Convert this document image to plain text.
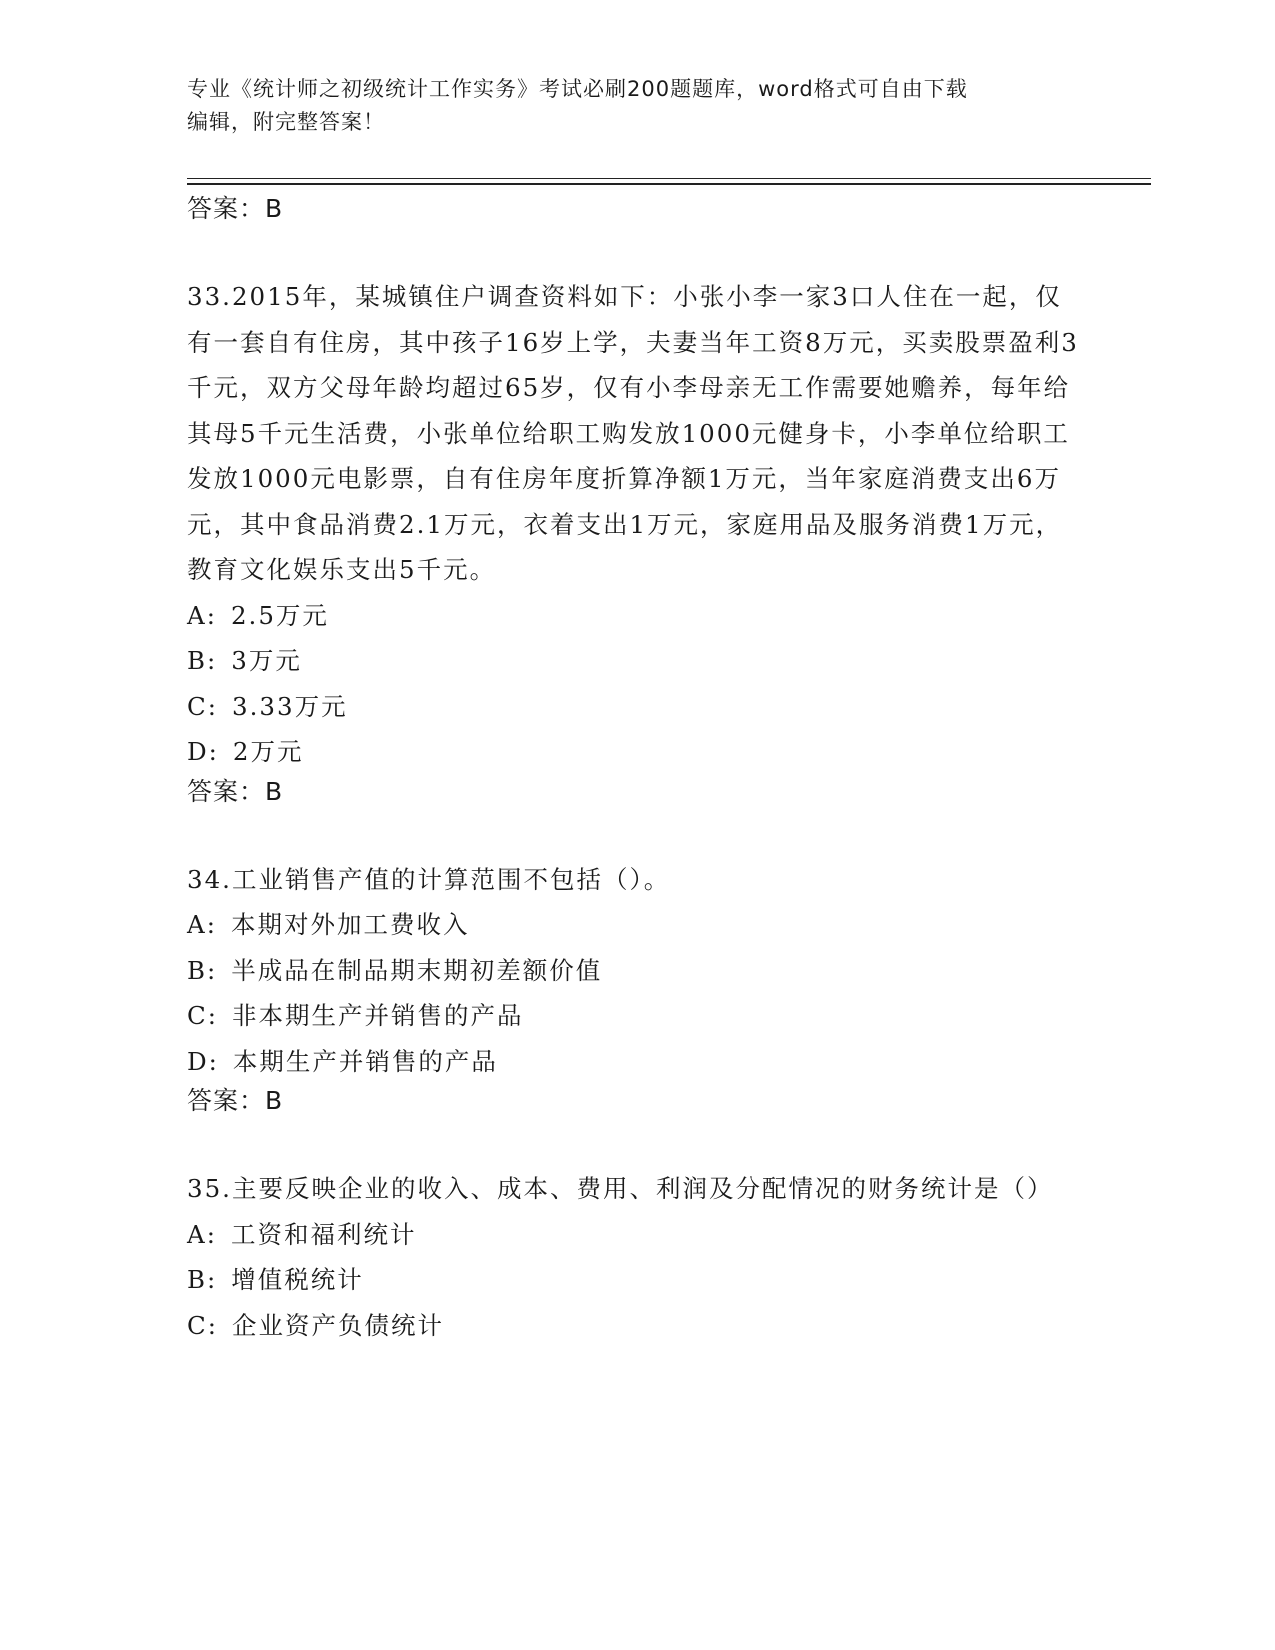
专业《统计师之初级统计工作实务》考试必刷200题题库，word格式可自由下载
编辑，附完整答案！
答案：B
33.2015年，某城镇住户调查资料如下：小张小李一家3口人住在一起，仅有一套自有住房，其中孩子16岁上学，夫妻当年工资8万元，买卖股票盈利3千元，双方父母年龄均超过65岁，仅有小李母亲无工作需要她赡养，每年给其母5千元生活费，小张单位给职工购发放1000元健身卡，小李单位给职工发放1000元电影票，自有住房年度折算净额1万元，当年家庭消费支出6万元，其中食品消费2.1万元，衣着支出1万元，家庭用品及服务消费1万元，教育文化娱乐支出5千元。
A: 2.5万元
B: 3万元
C: 3.33万元
D: 2万元
答案：B
34.工业销售产值的计算范围不包括（）。
A: 本期对外加工费收入
B: 半成品在制品期末期初差额价值
C: 非本期生产并销售的产品
D: 本期生产并销售的产品
答案：B
35.主要反映企业的收入、成本、费用、利润及分配情况的财务统计是（）
A: 工资和福利统计
B: 增值税统计
C: 企业资产负债统计
